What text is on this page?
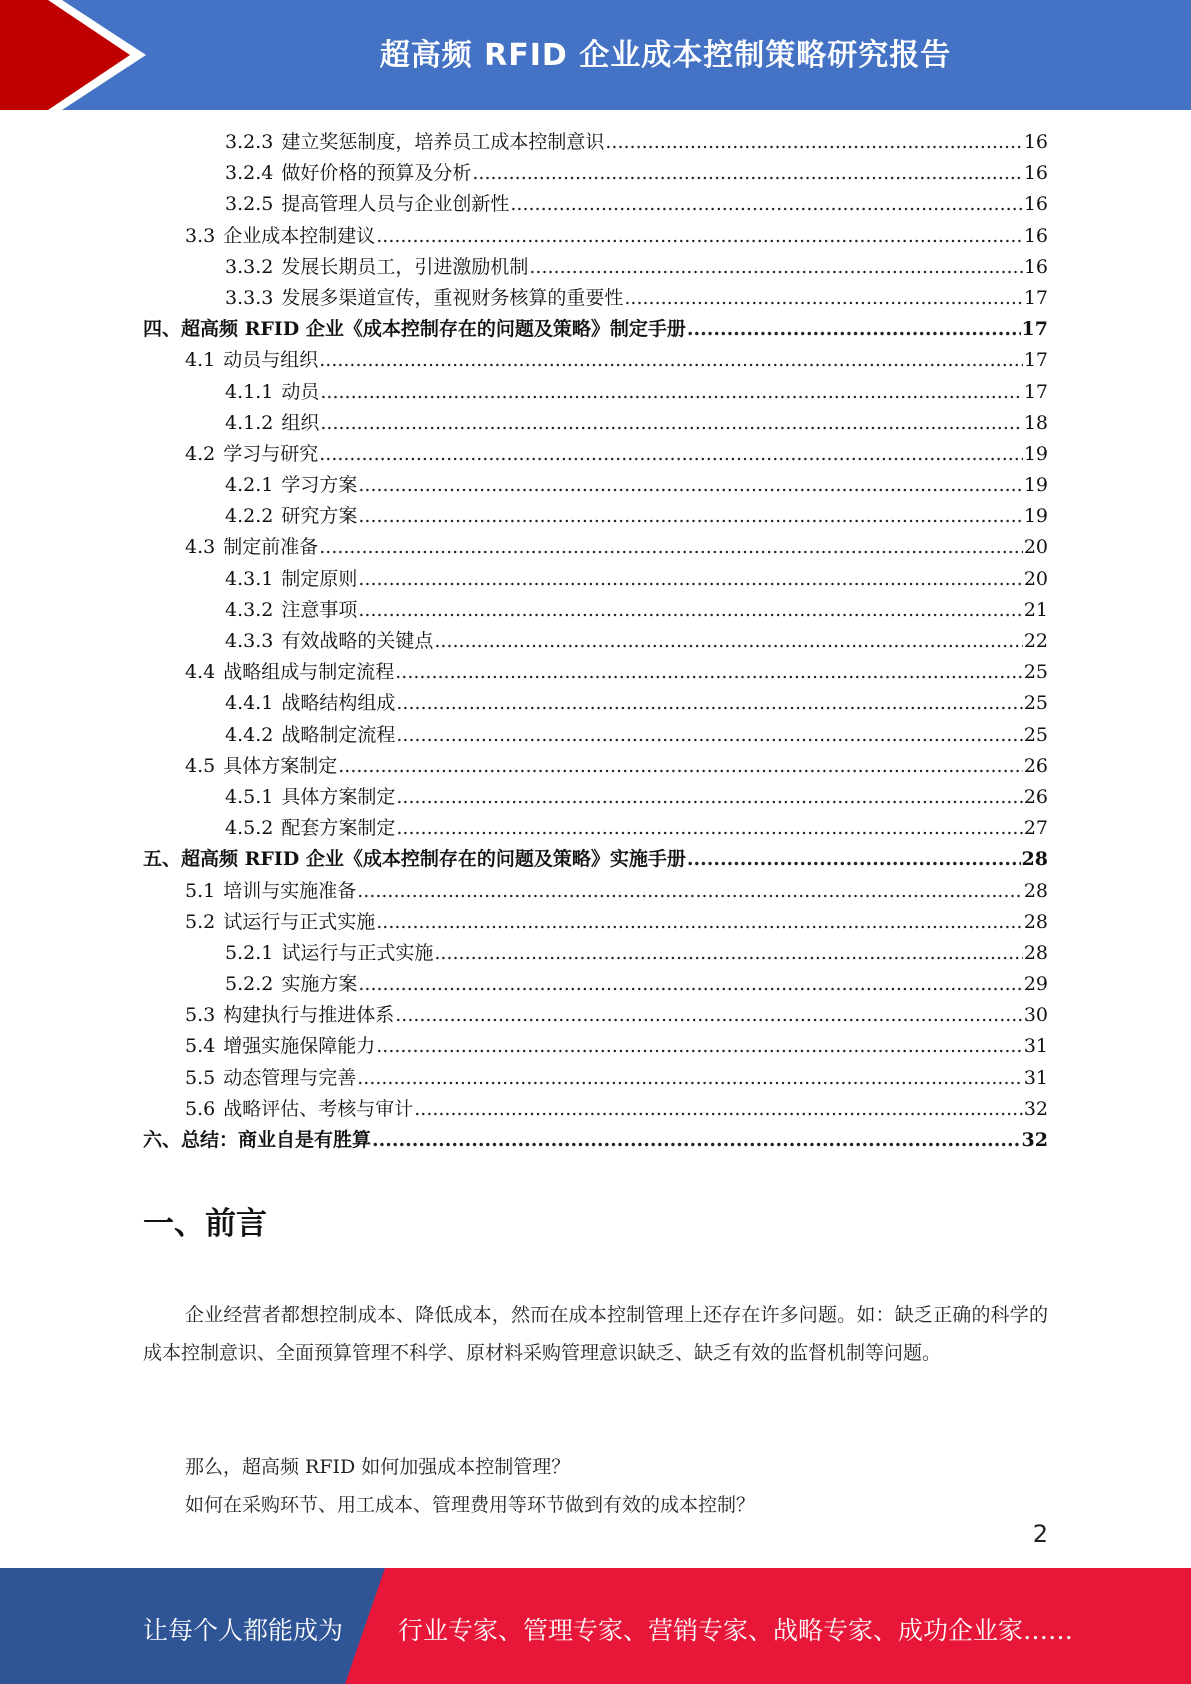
超高频 RFID 企业成本控制策略研究报告
3.2.3 建立奖惩制度，培养员工成本控制意识 .....	16
3.2.4 做好价格的预算及分析 .....	16
3.2.5 提高管理人员与企业创新性 .....	16
3.3 企业成本控制建议 .....	16
3.3.2 发展长期员工，引进激励机制 .....	16
3.3.3 发展多渠道宣传，重视财务核算的重要性 .....	17
四、超高频 RFID 企业《成本控制存在的问题及策略》制定手册 .....	17
4.1 动员与组织 .....	17
4.1.1 动员 .....	17
4.1.2 组织 .....	18
4.2 学习与研究 .....	19
4.2.1 学习方案 .....	19
4.2.2 研究方案 .....	19
4.3 制定前准备 .....	20
4.3.1 制定原则 .....	20
4.3.2 注意事项 .....	21
4.3.3 有效战略的关键点 .....	22
4.4 战略组成与制定流程 .....	25
4.4.1 战略结构组成 .....	25
4.4.2 战略制定流程 .....	25
4.5 具体方案制定 .....	26
4.5.1 具体方案制定 .....	26
4.5.2 配套方案制定 .....	27
五、超高频 RFID 企业《成本控制存在的问题及策略》实施手册 .....	28
5.1 培训与实施准备 .....	28
5.2 试运行与正式实施 .....	28
5.2.1 试运行与正式实施 .....	28
5.2.2 实施方案 .....	29
5.3 构建执行与推进体系 .....	30
5.4 增强实施保障能力 .....	31
5.5 动态管理与完善 .....	31
5.6 战略评估、考核与审计 .....	32
六、总结：商业自是有胜算 .....	32
一、前言

企业经营者都想控制成本、降低成本，然而在成本控制管理上还存在许多问题。如：缺乏正确的科学的成本控制意识、全面预算管理不科学、原材料采购管理意识缺乏、缺乏有效的监督机制等问题。

那么，超高频 RFID 如何加强成本控制管理？

如何在采购环节、用工成本、管理费用等环节做到有效的成本控制？

2
让每个人都能成为 行业专家、管理专家、营销专家、战略专家、成功企业家……
